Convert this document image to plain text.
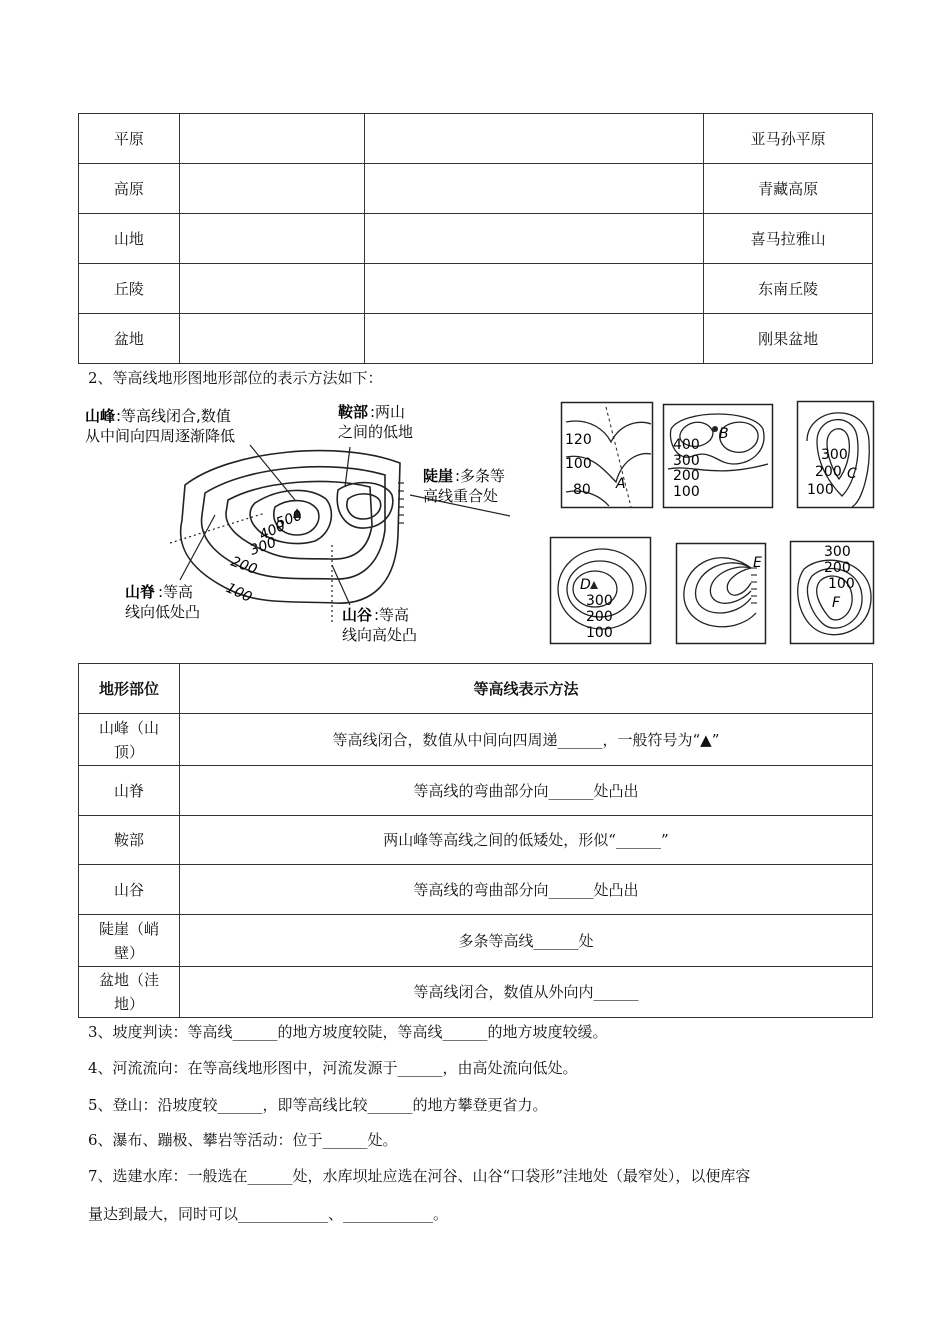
平原			亚马孙平原
高原			青藏高原
山地			喜马拉雅山
丘陵			东南丘陵
盆地			刚果盆地
2、等高线地形图地形部位的表示方法如下：
山峰 :等高线闭合,数值
从中间向四周逐渐降低
鞍部 :两山
之间的低地
陡崖 :多条等
高线重合处
山脊 :等高
线向低处凸	山谷 :等高
线向高处凸
500
400
300
200
100
120
100
80 A
400
300
200
100
B
300
200
100
C
D
300
200
100
E
300
200
100
F
地形部位	等高线表示方法
山峰（山顶）	等高线闭合，数值从中间向四周递______，一般符号为“▲”
山脊	等高线的弯曲部分向______处凸出
鞍部	两山峰等高线之间的低矮处，形似“______”
山谷	等高线的弯曲部分向______处凸出
陡崖（峭壁）	多条等高线______处
盆地（洼地）	等高线闭合，数值从外向内______
3、坡度判读：等高线______的地方坡度较陡，等高线______的地方坡度较缓。
4、河流流向：在等高线地形图中，河流发源于______，由高处流向低处。
5、登山：沿坡度较______，即等高线比较______的地方攀登更省力。
6、瀑布、蹦极、攀岩等活动：位于______处。
7、选建水库：一般选在______处，水库坝址应选在河谷、山谷“口袋形”洼地处（最窄处），以便库容
量达到最大，同时可以____________、____________。
